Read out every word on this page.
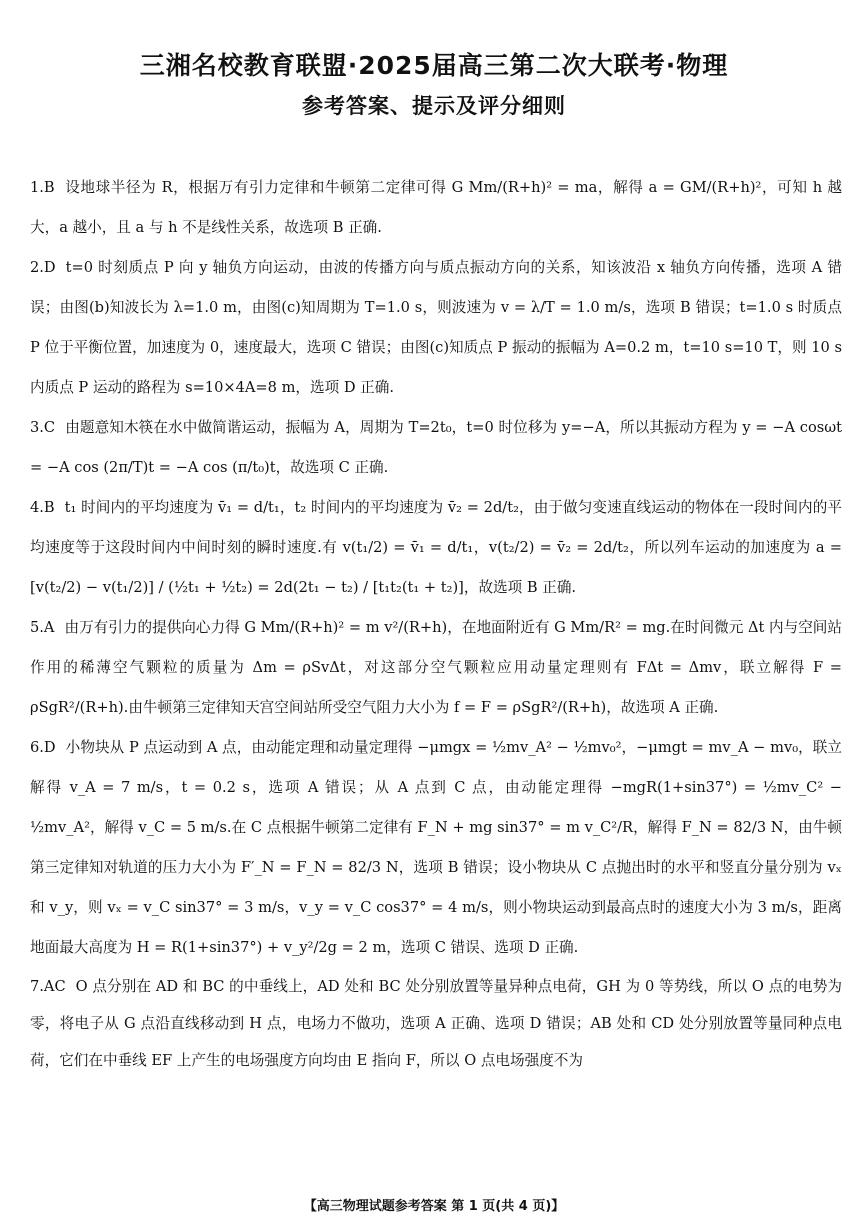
三湘名校教育联盟·2025届高三第二次大联考·物理
参考答案、提示及评分细则

1.B 设地球半径为 R，根据万有引力定律和牛顿第二定律可得 G Mm/(R+h)² = ma，解得 a = GM/(R+h)²，可知 h 越大，a 越小，且 a 与 h 不是线性关系，故选项 B 正确.

2.D t=0 时刻质点 P 向 y 轴负方向运动，由波的传播方向与质点振动方向的关系，知该波沿 x 轴负方向传播，选项 A 错误；由图(b)知波长为 λ=1.0 m，由图(c)知周期为 T=1.0 s，则波速为 v = λ/T = 1.0 m/s，选项 B 错误；t=1.0 s 时质点 P 位于平衡位置，加速度为 0，速度最大，选项 C 错误；由图(c)知质点 P 振动的振幅为 A=0.2 m，t=10 s=10 T，则 10 s 内质点 P 运动的路程为 s=10×4A=8 m，选项 D 正确.

3.C 由题意知木筷在水中做简谐运动，振幅为 A，周期为 T=2t₀，t=0 时位移为 y=−A，所以其振动方程为 y = −A cosωt = −A cos (2π/T)t = −A cos (π/t₀)t，故选项 C 正确.

4.B t₁ 时间内的平均速度为 v̄₁ = d/t₁，t₂ 时间内的平均速度为 v̄₂ = 2d/t₂，由于做匀变速直线运动的物体在一段时间内的平均速度等于这段时间内中间时刻的瞬时速度.有 v(t₁/2) = v̄₁ = d/t₁，v(t₂/2) = v̄₂ = 2d/t₂，所以列车运动的加速度为 a = [v(t₂/2) − v(t₁/2)] / (½t₁ + ½t₂) = 2d(2t₁ − t₂) / [t₁t₂(t₁ + t₂)]，故选项 B 正确.

5.A 由万有引力的提供向心力得 G Mm/(R+h)² = m v²/(R+h)，在地面附近有 G Mm/R² = mg.在时间微元 Δt 内与空间站作用的稀薄空气颗粒的质量为 Δm = ρSvΔt，对这部分空气颗粒应用动量定理则有 FΔt = Δmv，联立解得 F = ρSgR²/(R+h).由牛顿第三定律知天宫空间站所受空气阻力大小为 f = F = ρSgR²/(R+h)，故选项 A 正确.

6.D 小物块从 P 点运动到 A 点，由动能定理和动量定理得 −μmgx = ½mv_A² − ½mv₀²，−μmgt = mv_A − mv₀，联立解得 v_A = 7 m/s，t = 0.2 s，选项 A 错误；从 A 点到 C 点，由动能定理得 −mgR(1+sin37°) = ½mv_C² − ½mv_A²，解得 v_C = 5 m/s.在 C 点根据牛顿第二定律有 F_N + mg sin37° = m v_C²/R，解得 F_N = 82/3 N，由牛顿第三定律知对轨道的压力大小为 F′_N = F_N = 82/3 N，选项 B 错误；设小物块从 C 点抛出时的水平和竖直分量分别为 vₓ 和 v_y，则 vₓ = v_C sin37° = 3 m/s，v_y = v_C cos37° = 4 m/s，则小物块运动到最高点时的速度大小为 3 m/s，距离地面最大高度为 H = R(1+sin37°) + v_y²/2g = 2 m，选项 C 错误、选项 D 正确.

7.AC O 点分别在 AD 和 BC 的中垂线上，AD 处和 BC 处分别放置等量异种点电荷，GH 为 0 等势线，所以 O 点的电势为零，将电子从 G 点沿直线移动到 H 点，电场力不做功，选项 A 正确、选项 D 错误；AB 处和 CD 处分别放置等量同种点电荷，它们在中垂线 EF 上产生的电场强度方向均由 E 指向 F，所以 O 点电场强度不为

【高三物理试题参考答案 第 1 页(共 4 页)】
